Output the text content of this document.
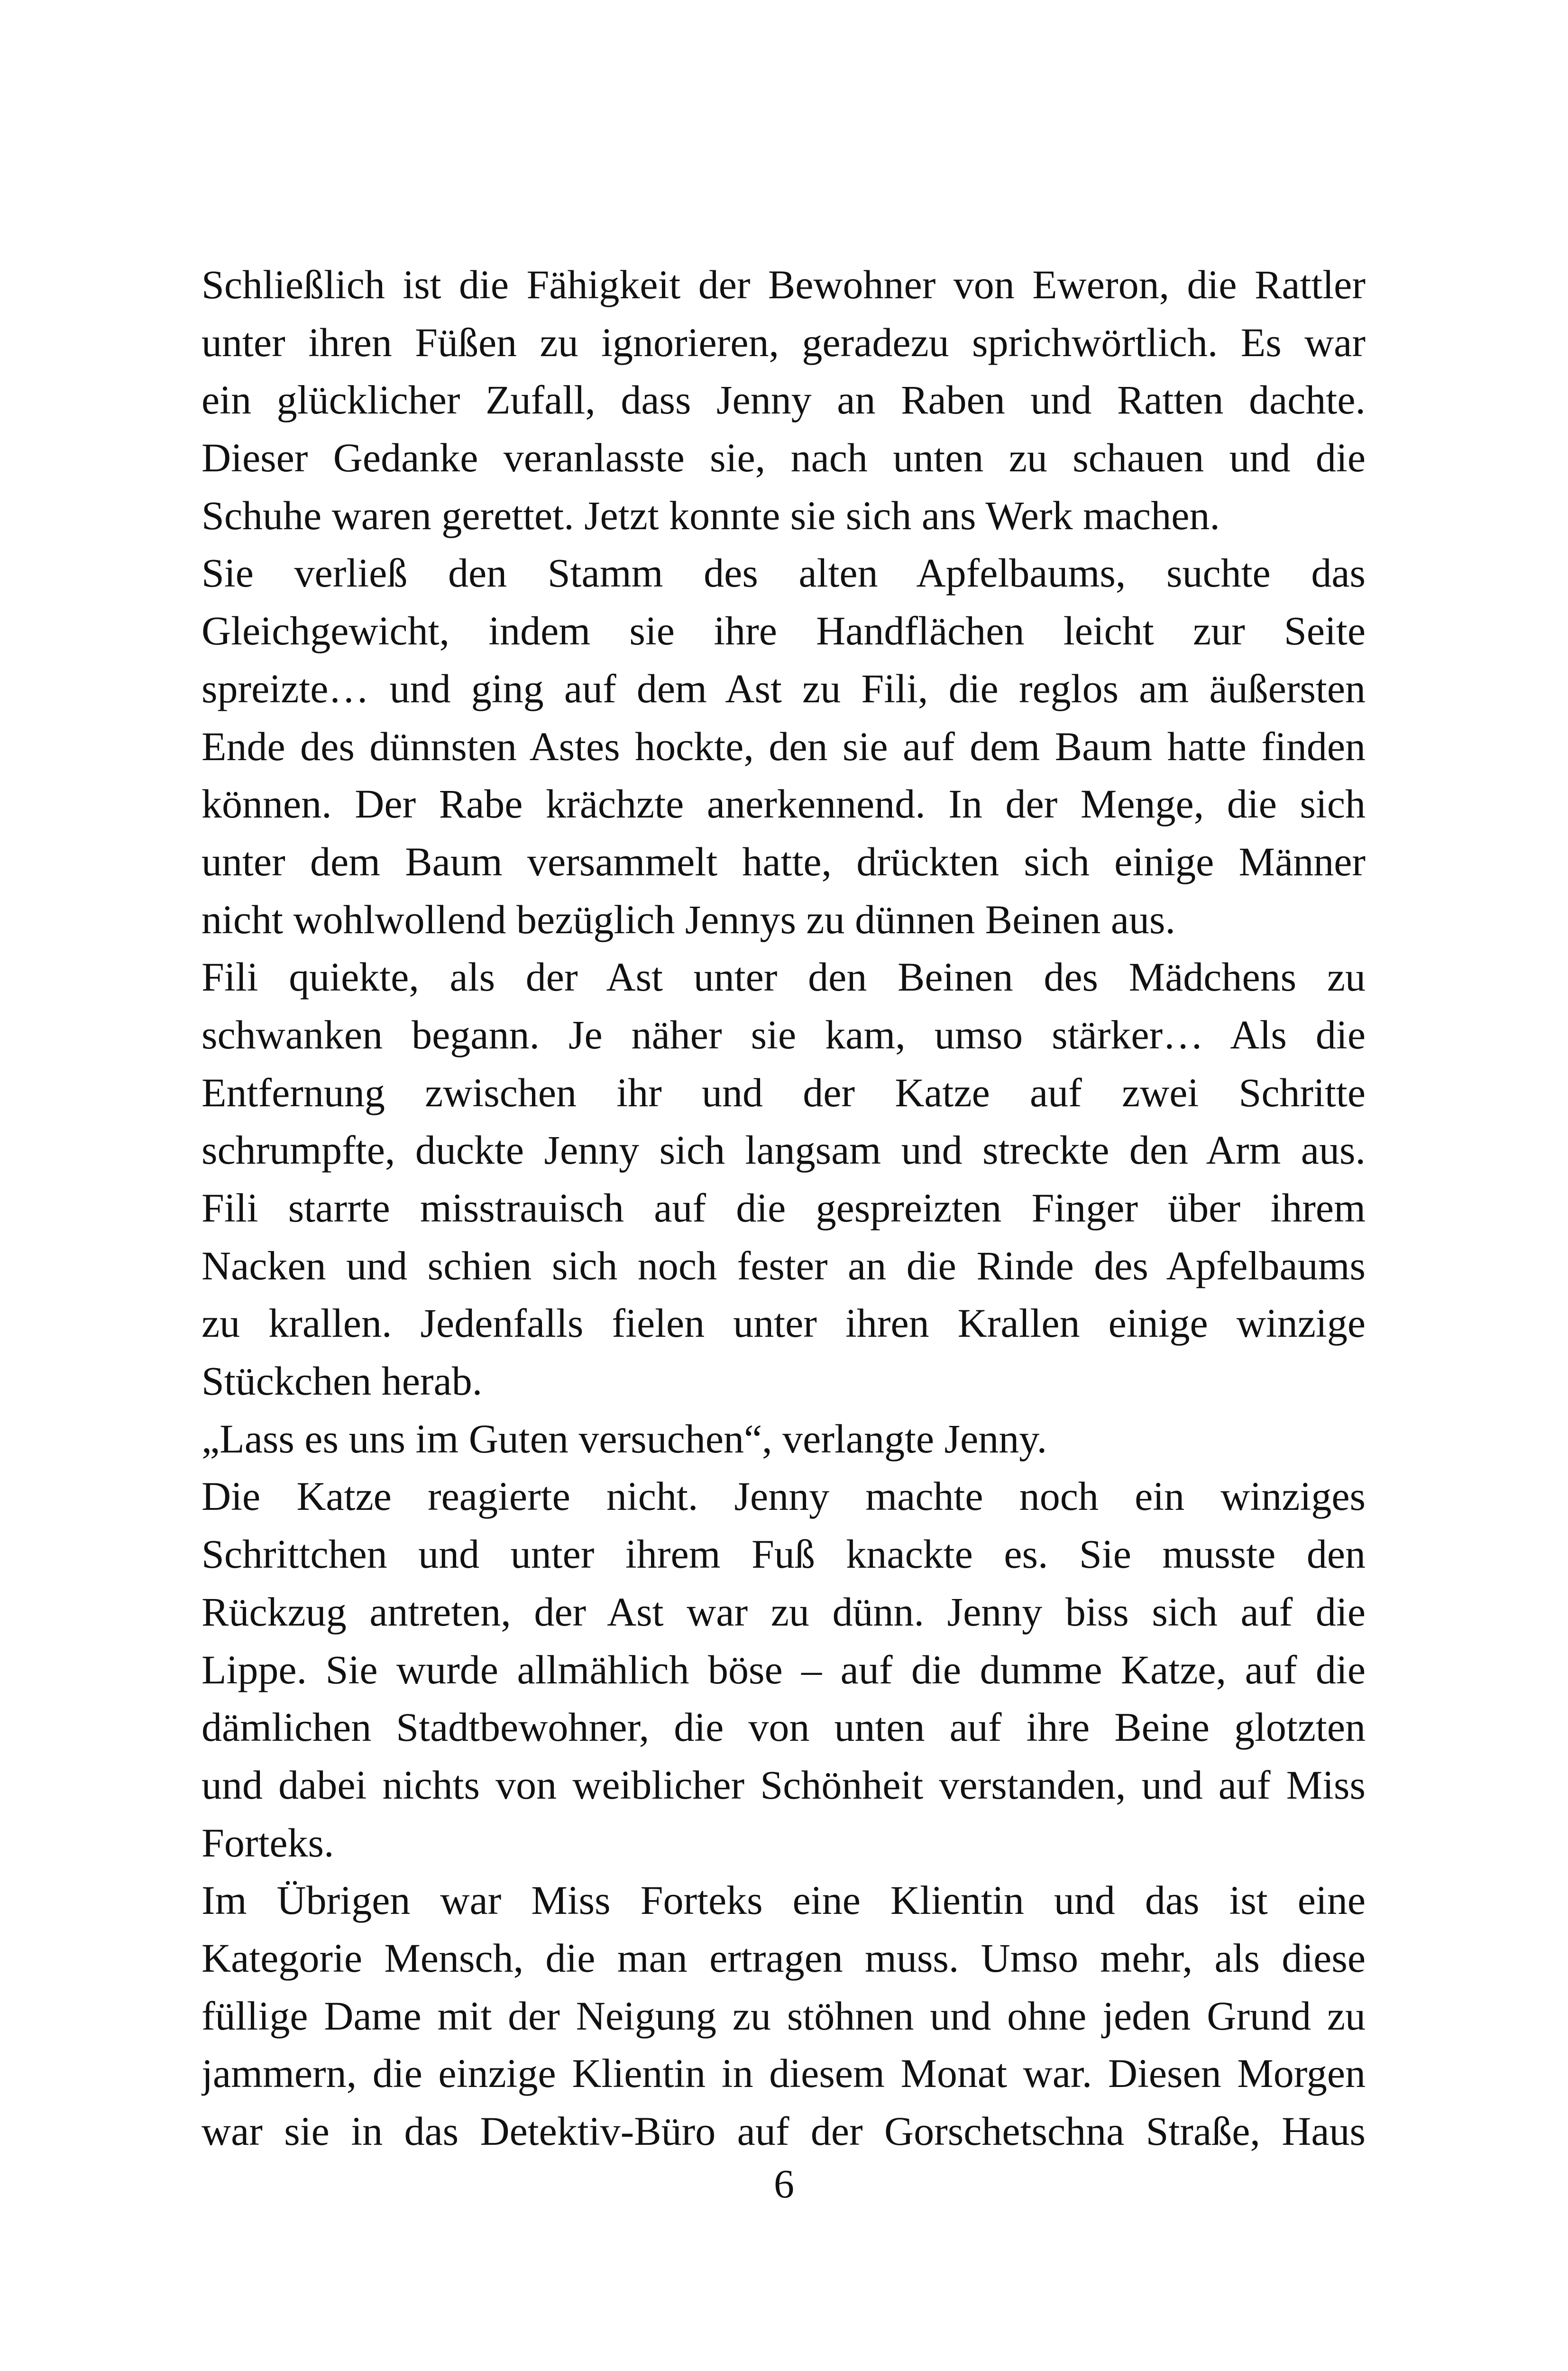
Schließlich ist die Fähigkeit der Bewohner von Eweron, die Rattler
unter ihren Füßen zu ignorieren, geradezu sprichwörtlich. Es war
ein glücklicher Zufall, dass Jenny an Raben und Ratten dachte.
Dieser Gedanke veranlasste sie, nach unten zu schauen und die
Schuhe waren gerettet. Jetzt konnte sie sich ans Werk machen.
Sie verließ den Stamm des alten Apfelbaums, suchte das
Gleichgewicht, indem sie ihre Handflächen leicht zur Seite
spreizte… und ging auf dem Ast zu Fili, die reglos am äußersten
Ende des dünnsten Astes hockte, den sie auf dem Baum hatte finden
können. Der Rabe krächzte anerkennend. In der Menge, die sich
unter dem Baum versammelt hatte, drückten sich einige Männer
nicht wohlwollend bezüglich Jennys zu dünnen Beinen aus.
Fili quiekte, als der Ast unter den Beinen des Mädchens zu
schwanken begann. Je näher sie kam, umso stärker… Als die
Entfernung zwischen ihr und der Katze auf zwei Schritte
schrumpfte, duckte Jenny sich langsam und streckte den Arm aus.
Fili starrte misstrauisch auf die gespreizten Finger über ihrem
Nacken und schien sich noch fester an die Rinde des Apfelbaums
zu krallen. Jedenfalls fielen unter ihren Krallen einige winzige
Stückchen herab.
„Lass es uns im Guten versuchen“, verlangte Jenny.
Die Katze reagierte nicht. Jenny machte noch ein winziges
Schrittchen und unter ihrem Fuß knackte es. Sie musste den
Rückzug antreten, der Ast war zu dünn. Jenny biss sich auf die
Lippe. Sie wurde allmählich böse – auf die dumme Katze, auf die
dämlichen Stadtbewohner, die von unten auf ihre Beine glotzten
und dabei nichts von weiblicher Schönheit verstanden, und auf Miss
Forteks.
Im Übrigen war Miss Forteks eine Klientin und das ist eine
Kategorie Mensch, die man ertragen muss. Umso mehr, als diese
füllige Dame mit der Neigung zu stöhnen und ohne jeden Grund zu
jammern, die einzige Klientin in diesem Monat war. Diesen Morgen
war sie in das Detektiv-Büro auf der Gorschetschna Straße, Haus
6
